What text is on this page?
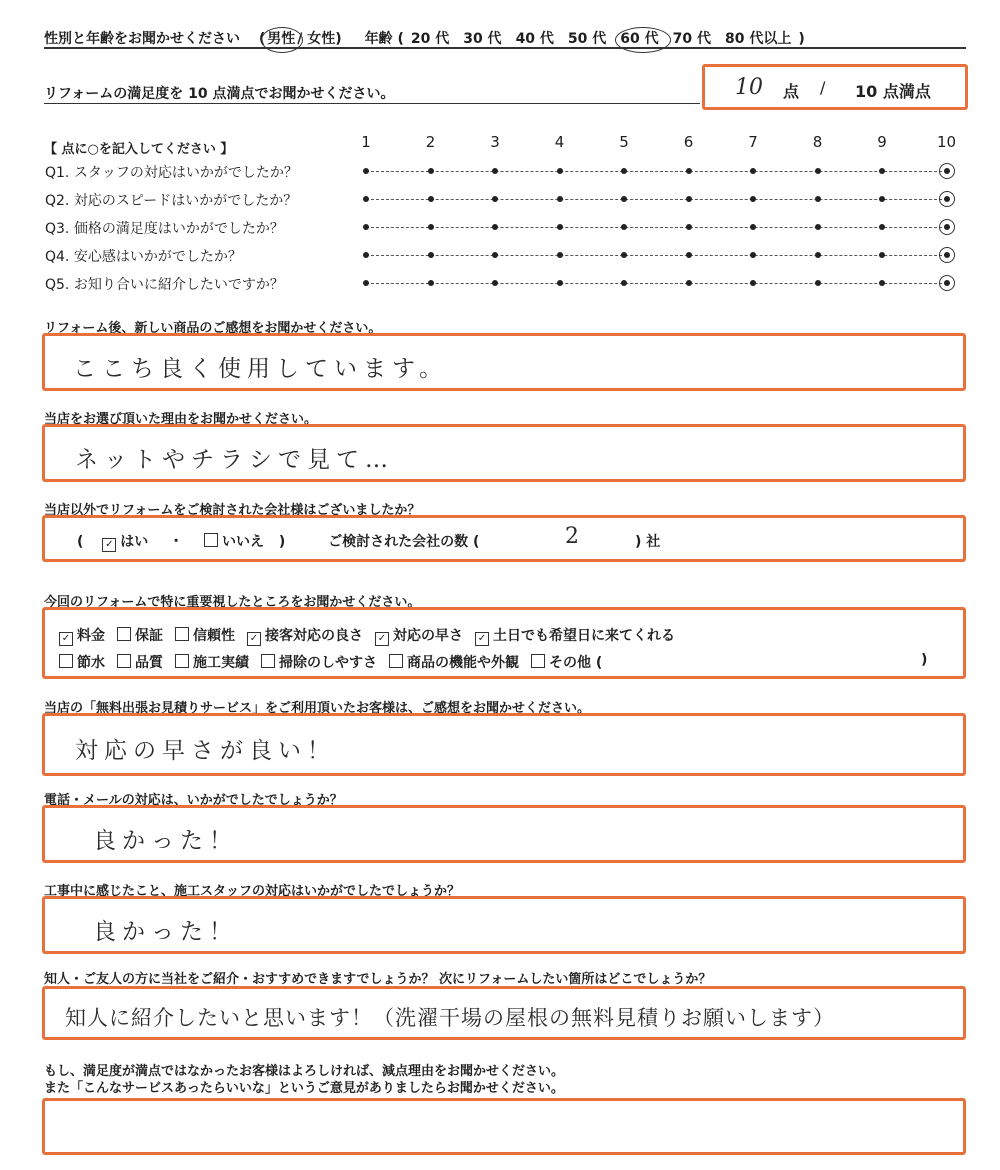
性別と年齢をお聞かせください ( 男性 / 女性) 年齢 ( 20 代 30 代 40 代 50 代 60 代 70 代 80 代以上 )
リフォームの満足度を 10 点満点でお聞かせください。	10 点 / 10 点満点
【 点に○を記入してください 】	1	2	3	4	5	6	7	8	9	10
Q1. スタッフの対応はいかがでしたか？
Q2. 対応のスピードはいかがでしたか？
Q3. 価格の満足度はいかがでしたか？
Q4. 安心感はいかがでしたか？
Q5. お知り合いに紹介したいですか？
リフォーム後、新しい商品のご感想をお聞かせください。
ここち良く使用しています。
当店をお選び頂いた理由をお聞かせください。
ネットやチラシで見て…
当店以外でリフォームをご検討された会社様はございましたか？
( ✓ はい ・	いいえ )	ご検討された会社の数 (	2	) 社
今回のリフォームで特に重要視したところをお聞かせください。
✓ 料金 保証 信頼性 ✓ 接客対応の良さ ✓ 対応の早さ ✓ 土日でも希望日に来てくれる
節水 品質 施工実績 掃除のしやすさ 商品の機能や外観 その他 (	)
当店の「無料出張お見積りサービス」をご利用頂いたお客様は、ご感想をお聞かせください。
対応の早さが良い！
電話・メールの対応は、いかがでしたでしょうか？
良かった！
工事中に感じたこと、施工スタッフの対応はいかがでしたでしょうか？
良かった！
知人・ご友人の方に当社をご紹介・おすすめできますでしょうか？ 次にリフォームしたい箇所はどこでしょうか？
知人に紹介したいと思います！（洗濯干場の屋根の無料見積りお願いします）
もし、満足度が満点ではなかったお客様はよろしければ、減点理由をお聞かせください。
また「こんなサービスあったらいいな」というご意見がありましたらお聞かせください。
